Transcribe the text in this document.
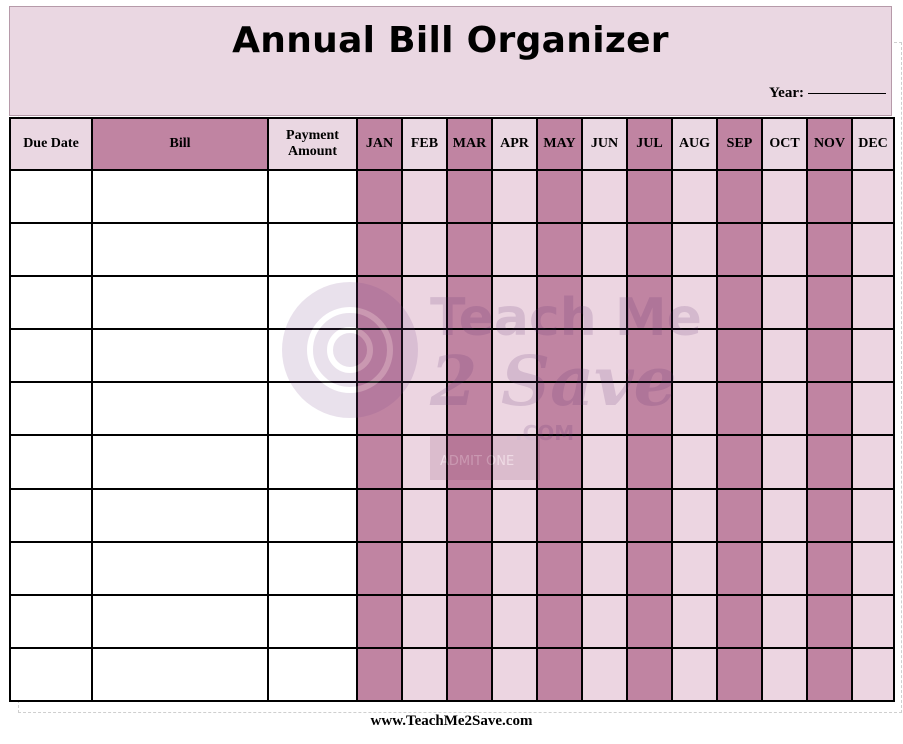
Annual Bill Organizer
Year:
Due Date	Bill	Payment Amount	JAN	FEB	MAR	APR	MAY	JUN	JUL	AUG	SEP	OCT	NOV	DEC

www.TeachMe2Save.com
